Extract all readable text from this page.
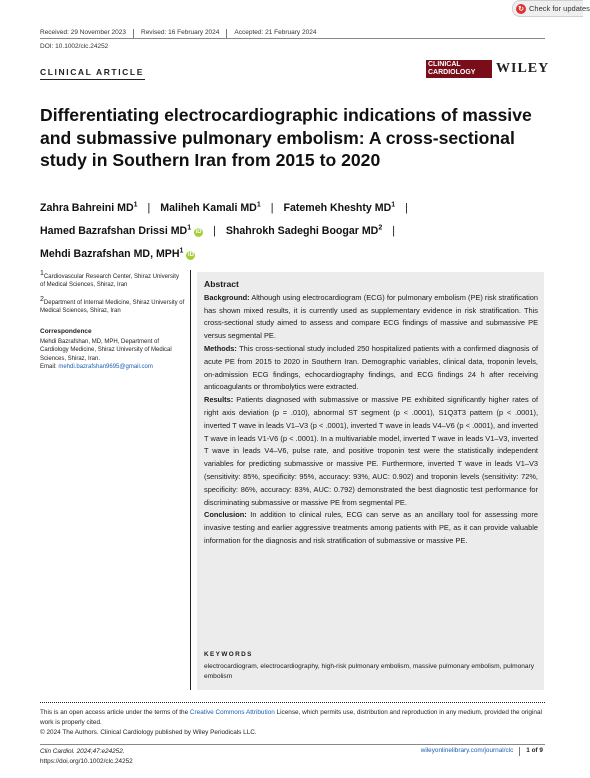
↻ Check for updates
Received: 29 November 2023 Revised: 16 February 2024 Accepted: 21 February 2024
DOI: 10.1002/clc.24252
CLINICAL ARTICLE
CLINICAL CARDIOLOGY	WILEY
Differentiating electrocardiographic indications of massive and submassive pulmonary embolism: A cross-sectional study in Southern Iran from 2015 to 2020
Zahra Bahreini $MD^1$ | Maliheh Kamali $MD^1$ | Fatemeh Kheshty $MD^1$ |
Hamed Bazrafshan Drissi $MD^1iD$ | Shahrokh Sadeghi Boogar $MD^2$ |
Mehdi Bazrafshan MD, MPH$^1$iD
$^1$Cardiovascular Research Center, Shiraz University of Medical Sciences, Shiraz, Iran
$^2$Department of Internal Medicine, Shiraz University of Medical Sciences, Shiraz, Iran
Correspondence
Mehdi Bazrafshan, MD, MPH, Department of Cardiology Medicine, Shiraz University of Medical Sciences, Shiraz, Iran.
Email: mehdi.bazrafshan9695@gmail.com
Abstract

Background: Although using electrocardiogram (ECG) for pulmonary embolism (PE) risk stratification has shown mixed results, it is currently used as supplementary evidence in risk stratification. This cross-sectional study aimed to assess and compare ECG findings of massive and submassive PE versus segmental PE.

Methods: This cross-sectional study included 250 hospitalized patients with a confirmed diagnosis of acute PE from 2015 to 2020 in Southern Iran. Demographic variables, clinical data, troponin levels, on-admission ECG findings, echocardiography findings, and ECG findings 24 h after receiving anticoagulants or thrombolytics were extracted.

Results: Patients diagnosed with submassive or massive PE exhibited significantly higher rates of right axis deviation (p = .010), abnormal ST segment (p < .0001), S1Q3T3 pattern (p < .0001), inverted T wave in leads V1–V3 (p < .0001), inverted T wave in leads V4–V6 (p < .0001), and inverted T wave in leads V1-V6 (p < .0001). In a multivariable model, inverted T wave in leads V1–V3, inverted T wave in leads V4–V6, pulse rate, and positive troponin test were the statistically independent variables for predicting submassive or massive PE. Furthermore, inverted T wave in leads V1–V3 (sensitivity: 85%, specificity: 95%, accuracy: 93%, AUC: 0.902) and troponin levels (sensitivity: 72%, specificity: 86%, accuracy: 83%, AUC: 0.792) demonstrated the best diagnostic test performance for discriminating submassive or massive PE from segmental PE.

Conclusion: In addition to clinical rules, ECG can serve as an ancillary tool for assessing more invasive testing and earlier aggressive treatments among patients with PE, as it can provide valuable information for the diagnosis and risk stratification of submassive or massive PE.

KEYWORDS
electrocardiogram, electrocardiography, high-risk pulmonary embolism, massive pulmonary embolism, pulmonary embolism
This is an open access article under the terms of the Creative Commons Attribution License, which permits use, distribution and reproduction in any medium, provided the original work is properly cited.
© 2024 The Authors. Clinical Cardiology published by Wiley Periodicals LLC.
Clin Cardiol. 2024;47:e24252.
https://doi.org/10.1002/clc.24252
wileyonlinelibrary.com/journal/clc 1 of 9
